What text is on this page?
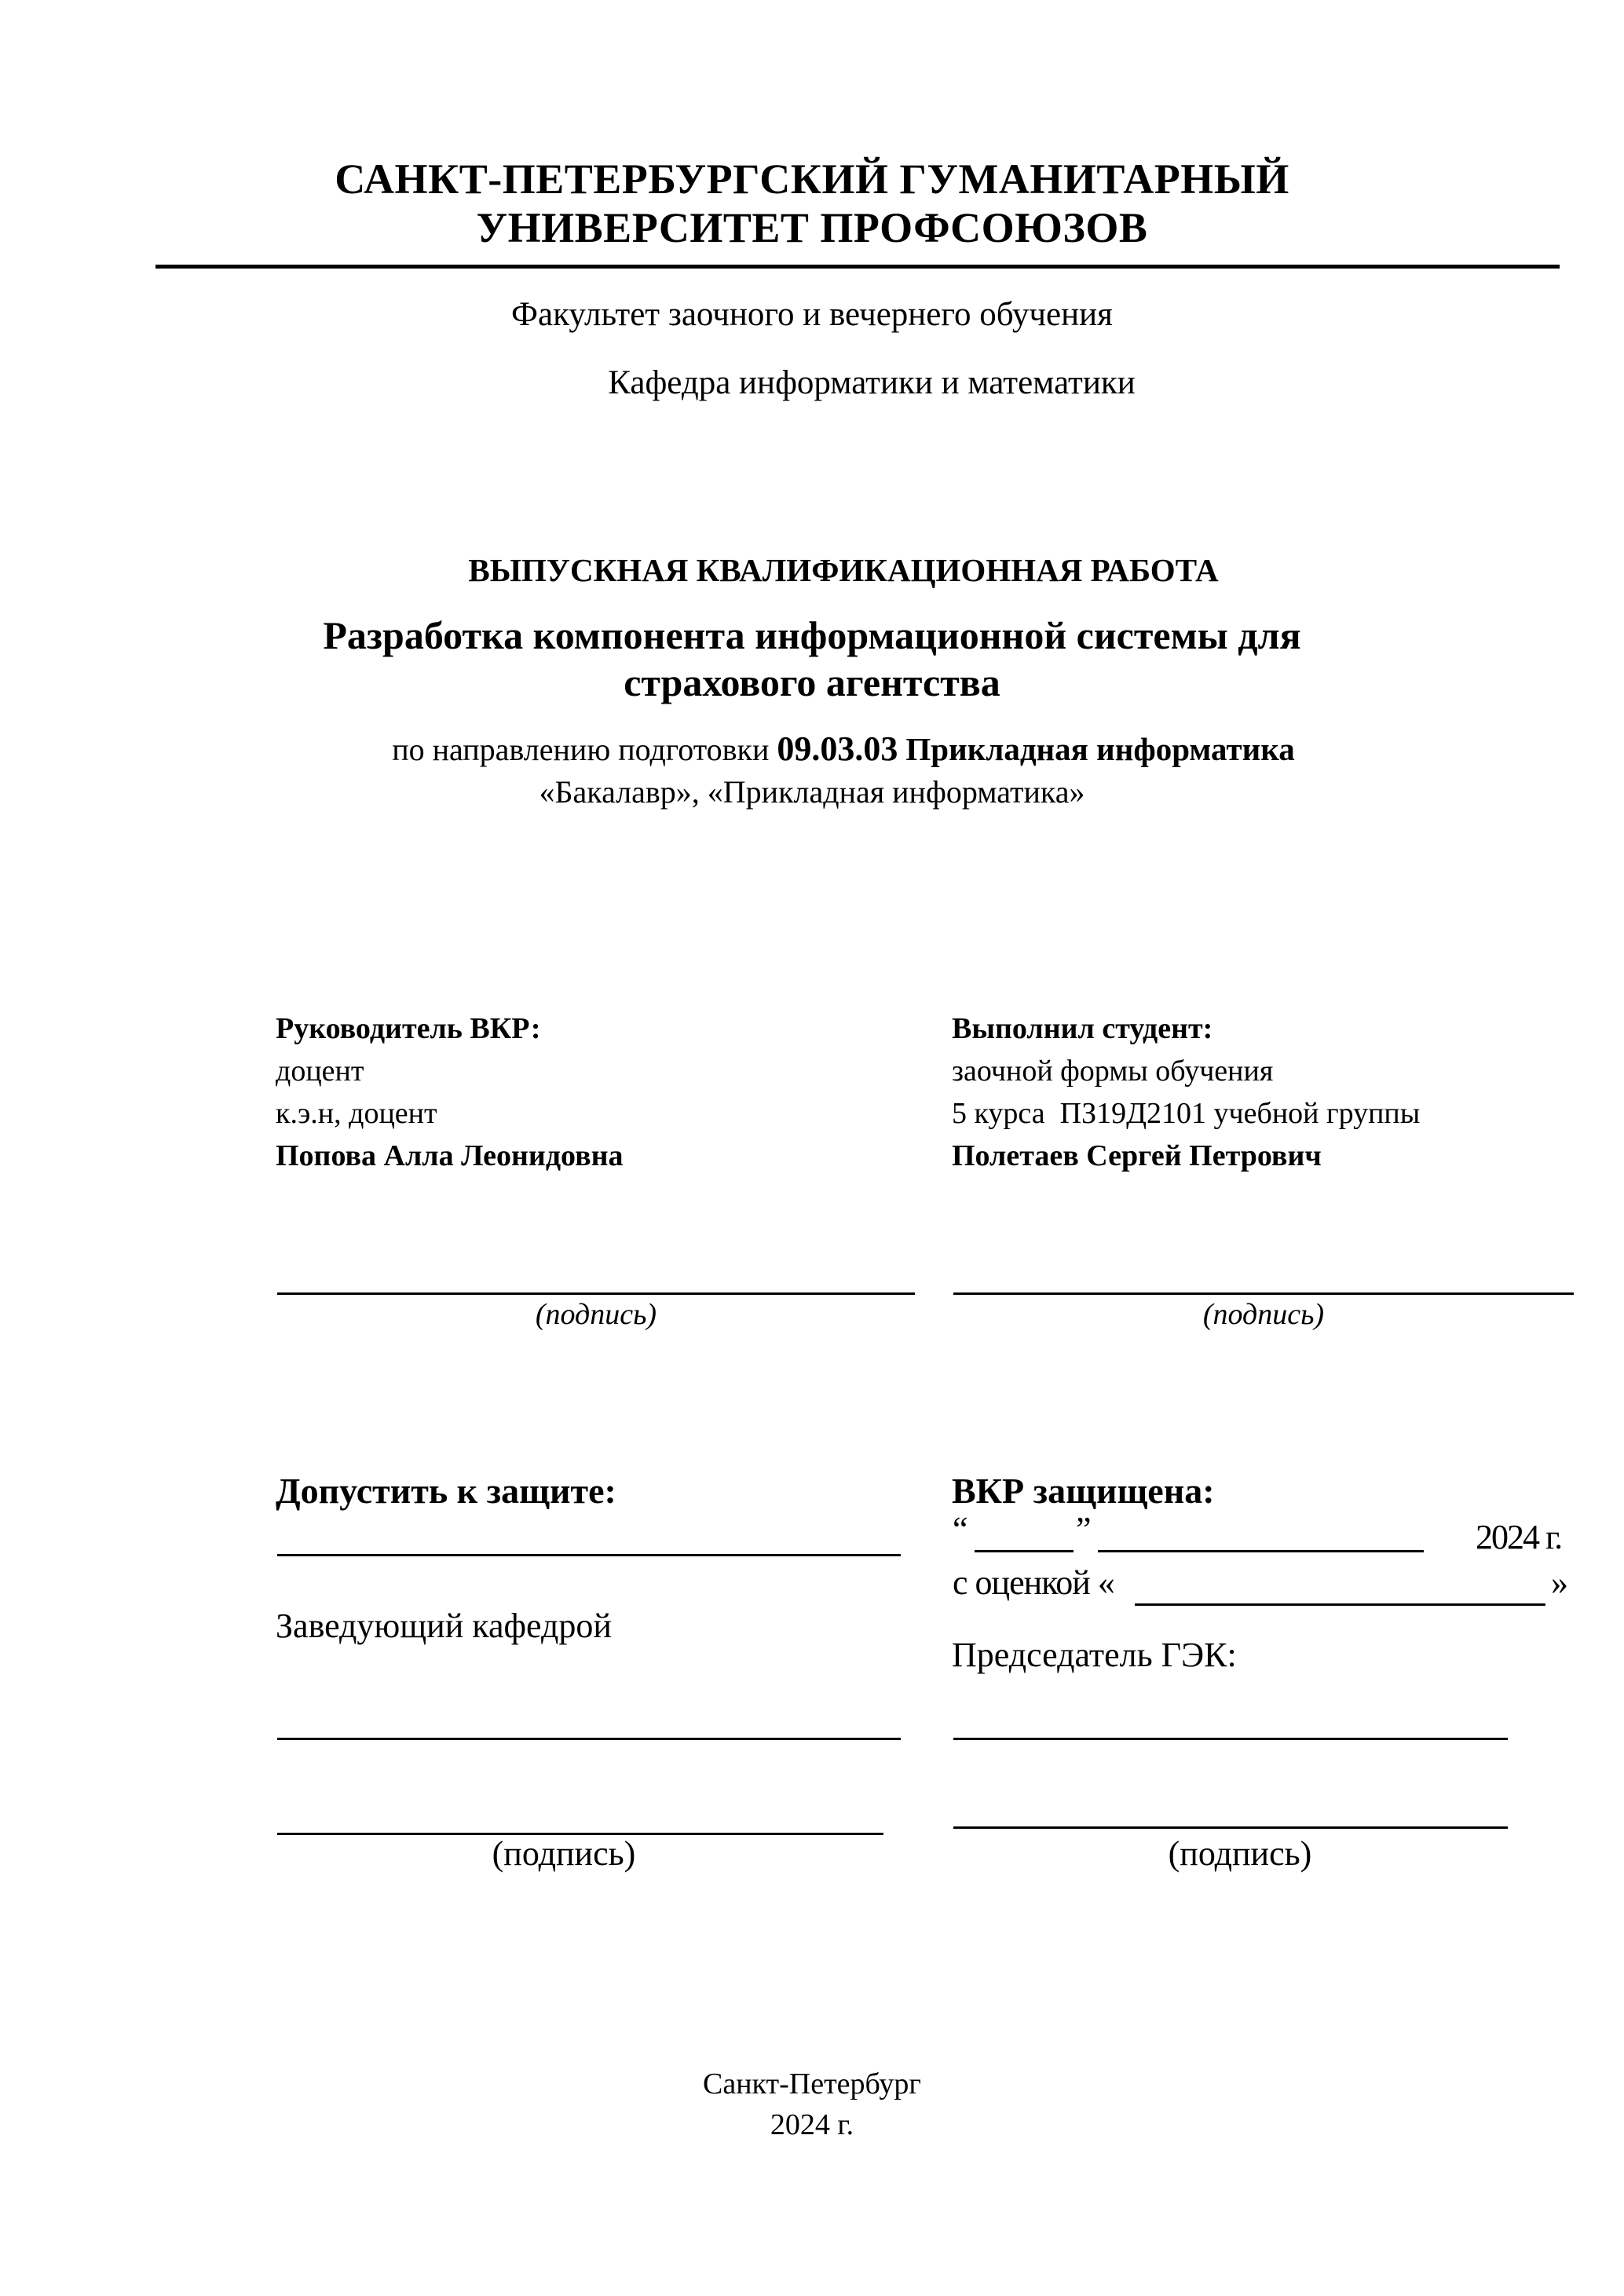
САНКТ-ПЕТЕРБУРГСКИЙ ГУМАНИТАРНЫЙ
УНИВЕРСИТЕТ ПРОФСОЮЗОВ
Факультет заочного и вечернего обучения
Кафедра информатики и математики
ВЫПУСКНАЯ КВАЛИФИКАЦИОННАЯ РАБОТА
Разработка компонента информационной системы для
страхового агентства
по направлению подготовки 09.03.03 Прикладная информатика
«Бакалавр», «Прикладная информатика»
Руководитель ВКР:
доцент
к.э.н, доцент
Попова Алла Леонидовна
Выполнил студент:
заочной формы обучения
5 курса ПЗ19Д2101 учебной группы
Полетаев Сергей Петрович
(подпись)	(подпись)
Допустить к защите:
Заведующий кафедрой
(подпись)
ВКР защищена:
“	”	2024 г.
с оценкой «	»
Председатель ГЭК:
(подпись)
Санкт-Петербург
2024 г.
